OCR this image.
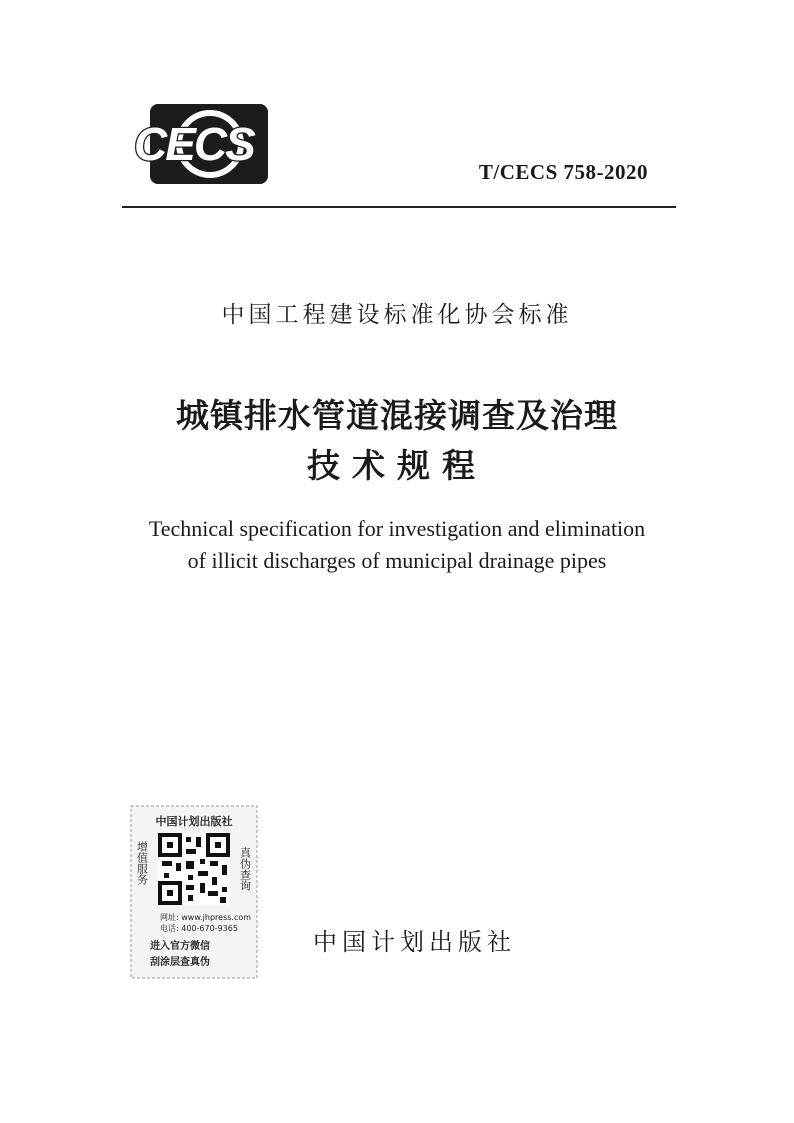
CECS
T/CECS 758-2020
中国工程建设标准化协会标准
城镇排水管道混接调查及治理
技术规程
Technical specification for investigation and elimination
of illicit discharges of municipal drainage pipes
中国计划出版社
增值服务	真伪查询
网址: www.jhpress.com
电话: 400-670-9365
进入官方微信
刮涂层查真伪
中国计划出版社
